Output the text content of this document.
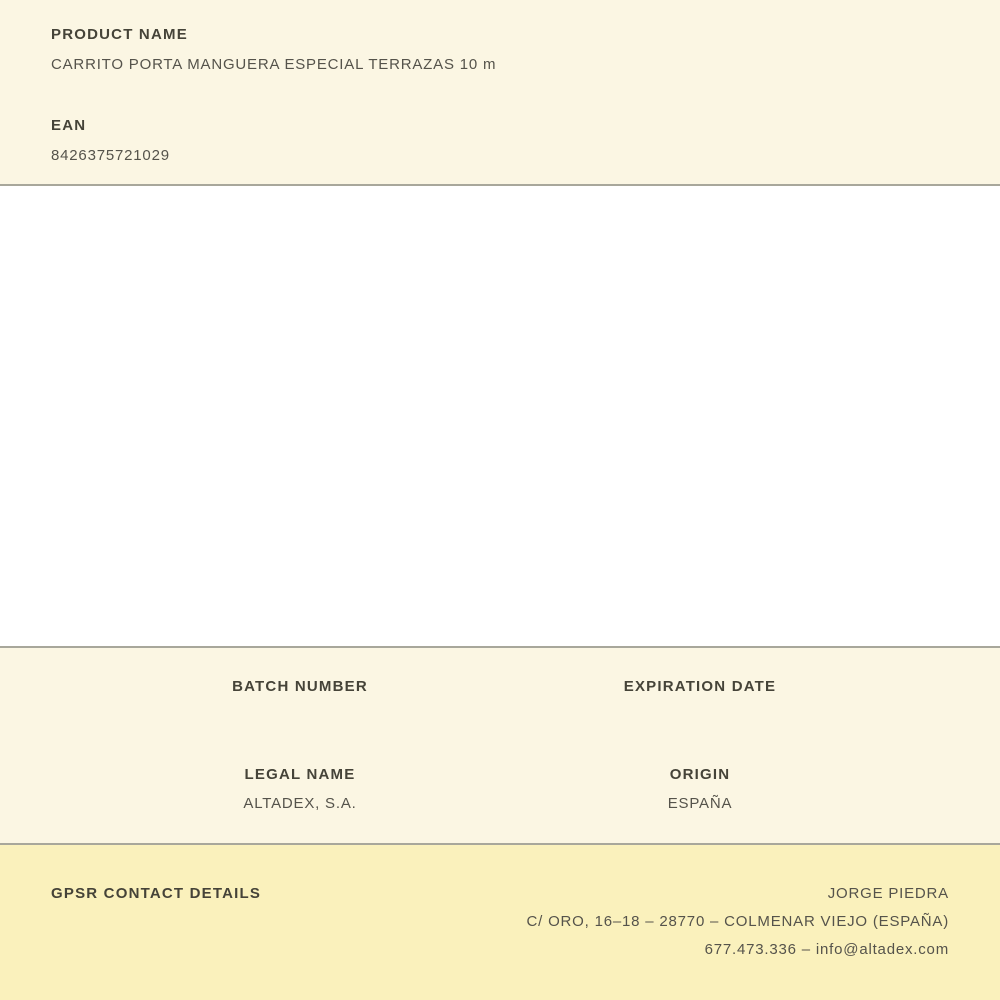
PRODUCT NAME
CARRITO PORTA MANGUERA ESPECIAL TERRAZAS 10 m
EAN
8426375721029
BATCH NUMBER	EXPIRATION DATE
LEGAL NAME
ALTADEX, S.A.
ORIGIN
ESPAÑA
GPSR CONTACT DETAILS	JORGE PIEDRA
C/ ORO, 16–18 – 28770 – COLMENAR VIEJO (ESPAÑA)
677.473.336 – info@altadex.com
